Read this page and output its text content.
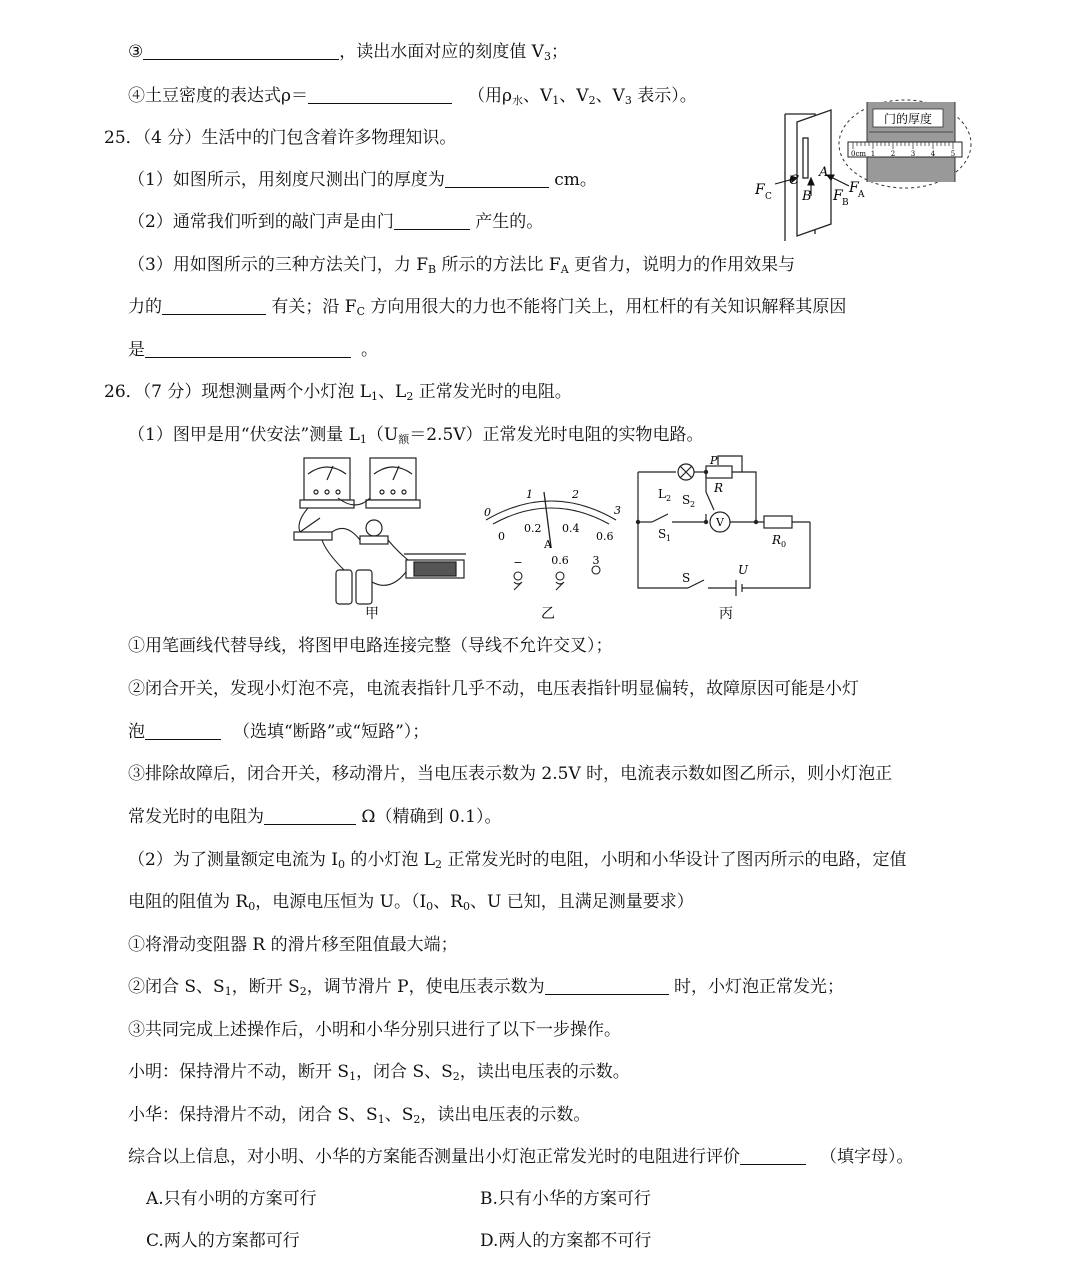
③	，读出水面对应的刻度值 $V_3$；
④土豆密度的表达式ρ＝	（用$\rho_水$、$V_1$、$V_2$、$V_3$ 表示）。
25．（4 分）生活中的门包含着许多物理知识。
（1）如图所示，用刻度尺测出门的厚度为	cm。
（2）通常我们听到的敲门声是由门	产生的。
（3）用如图所示的三种方法关门，力 $F_B$ 所示的方法比 $F_A$ 更省力，说明力的作用效果与
力的	有关；沿 $F_C$ 方向用很大的力也不能将门关上，用杠杆的有关知识解释其原因
是	。
门的厚度
0cm 1 2 3 4 5
F C
C
B
A
F B
F A
26．（7 分）现想测量两个小灯泡 $L_1$、$L_2$ 正常发光时的电阻。
（1）图甲是用“伏安法”测量 $L_1(U_额=2.5V)$正常发光时电阻的实物电路。
甲
0
1	2
3
0
0.2 0.4
0.6
A
−	0.6 3
乙
L 2
P
R
S 2
S 1
V
R 0
S
U
丙
①用笔画线代替导线，将图甲电路连接完整（导线不允许交叉）；
②闭合开关，发现小灯泡不亮，电流表指针几乎不动，电压表指针明显偏转，故障原因可能是小灯
泡	（选填“断路”或“短路”）；
③排除故障后，闭合开关，移动滑片，当电压表示数为 2.5V 时，电流表示数如图乙所示，则小灯泡正
常发光时的电阻为	Ω（精确到 0.1）。
（2）为了测量额定电流为 $I_0$ 的小灯泡 $L_2$ 正常发光时的电阻，小明和小华设计了图丙所示的电路，定值
电阻的阻值为 $R_0$，电源电压恒为 U。（$I_0$、$R_0$、U 已知，且满足测量要求）
①将滑动变阻器 R 的滑片移至阻值最大端；
②闭合 S、$S_1$，断开 $S_2$，调节滑片 P，使电压表示数为	时，小灯泡正常发光；
③共同完成上述操作后，小明和小华分别只进行了以下一步操作。
小明：保持滑片不动，断开 $S_1$，闭合 S、$S_2$，读出电压表的示数。
小华：保持滑片不动，闭合 S、$S_1$、$S_2$，读出电压表的示数。
综合以上信息，对小明、小华的方案能否测量出小灯泡正常发光时的电阻进行评价	（填字母）。
A.只有小明的方案可行	B.只有小华的方案可行
C.两人的方案都可行	D.两人的方案都不可行
